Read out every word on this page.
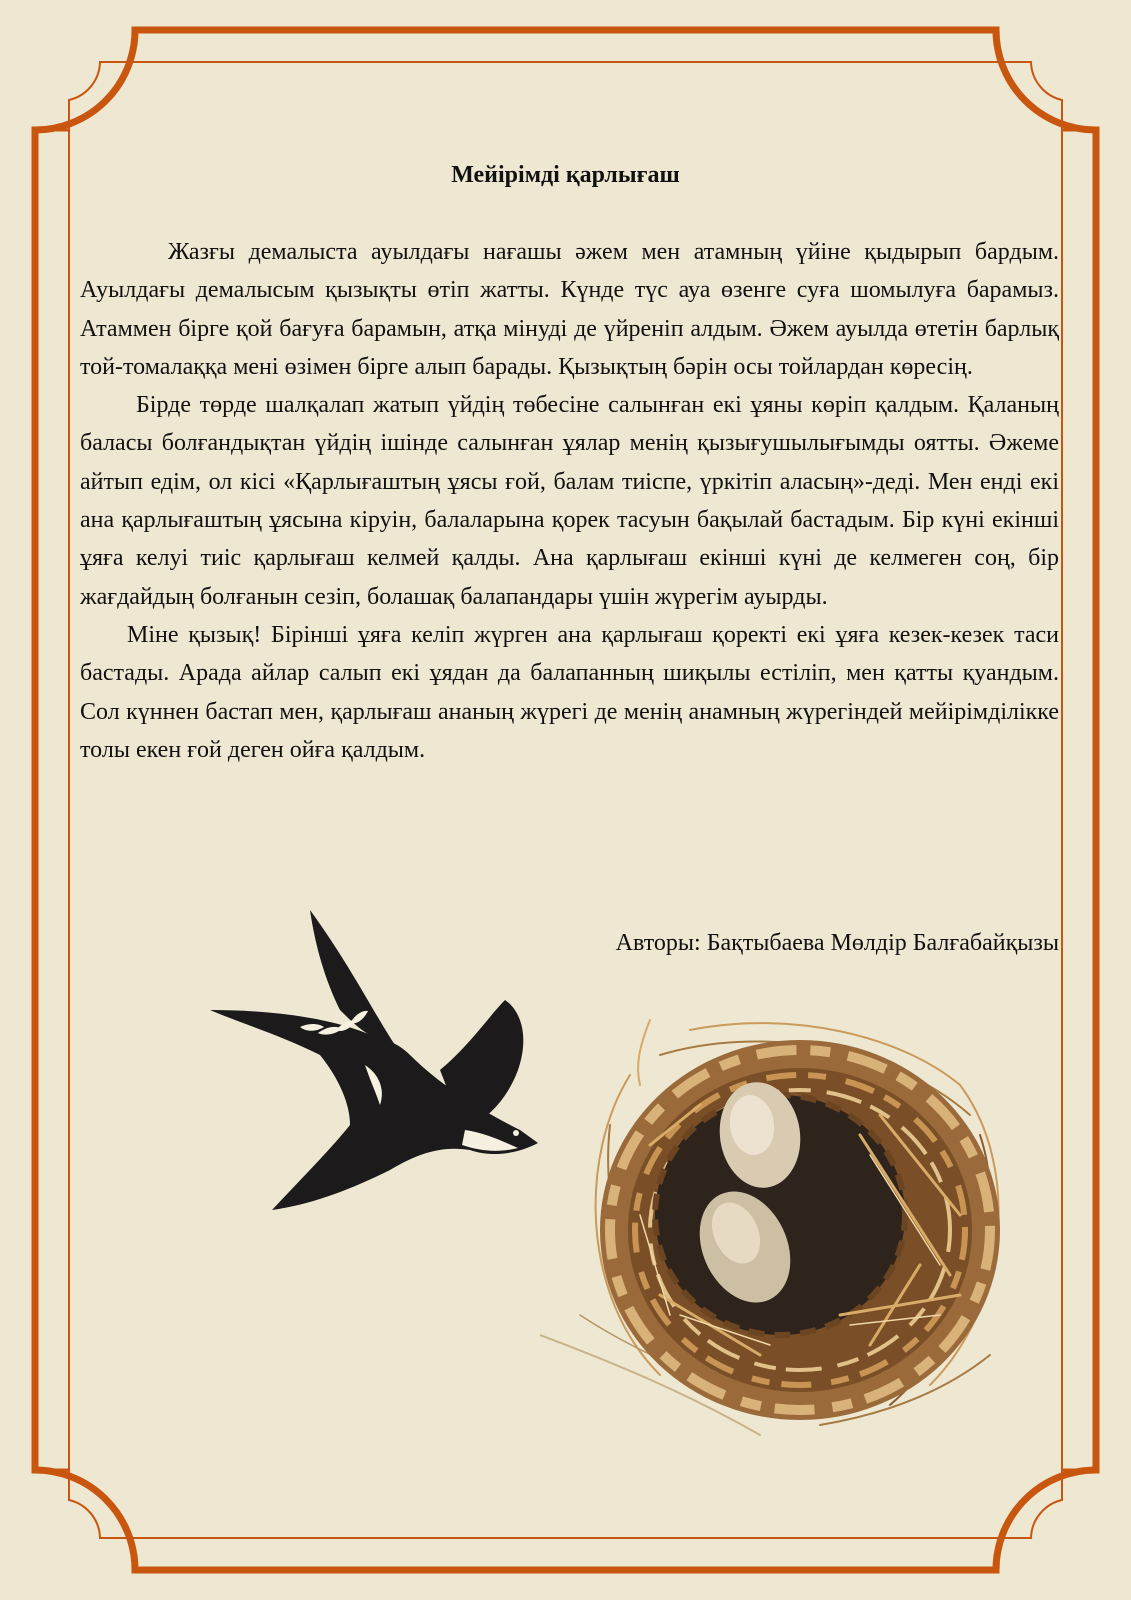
Мейірімді қарлығаш

Жазғы демалыста ауылдағы нағашы әжем мен атамның үйіне қыдырып бардым. Ауылдағы демалысым қызықты өтіп жатты. Күнде түс ауа өзенге суға шомылуға барамыз. Атаммен бірге қой бағуға барамын, атқа мінуді де үйреніп алдым. Әжем ауылда өтетін барлық той-томалаққа мені өзімен бірге алып барады. Қызықтың бәрін осы тойлардан көресің.

Бірде төрде шалқалап жатып үйдің төбесіне салынған екі ұяны көріп қалдым. Қаланың баласы болғандықтан үйдің ішінде салынған ұялар менің қызығушылығымды оятты. Әжеме айтып едім, ол кісі «Қарлығаштың ұясы ғой, балам тиіспе, үркітіп аласың»-деді. Мен енді екі ана қарлығаштың ұясына кіруін, балаларына қорек тасуын бақылай бастадым. Бір күні екінші ұяға келуі тиіс қарлығаш келмей қалды. Ана қарлығаш екінші күні де келмеген соң, бір жағдайдың болғанын сезіп, болашақ балапандары үшін жүрегім ауырды.

Міне қызық! Бірінші ұяға келіп жүрген ана қарлығаш қоректі екі ұяға кезек-кезек таси бастады. Арада айлар салып екі ұядан да балапанның шиқылы естіліп, мен қатты қуандым. Сол күннен бастап мен, қарлығаш ананың жүрегі де менің анамның жүрегіндей мейірімділікке толы екен ғой деген ойға қалдым.

Авторы: Бақтыбаева Мөлдір Балғабайқызы
